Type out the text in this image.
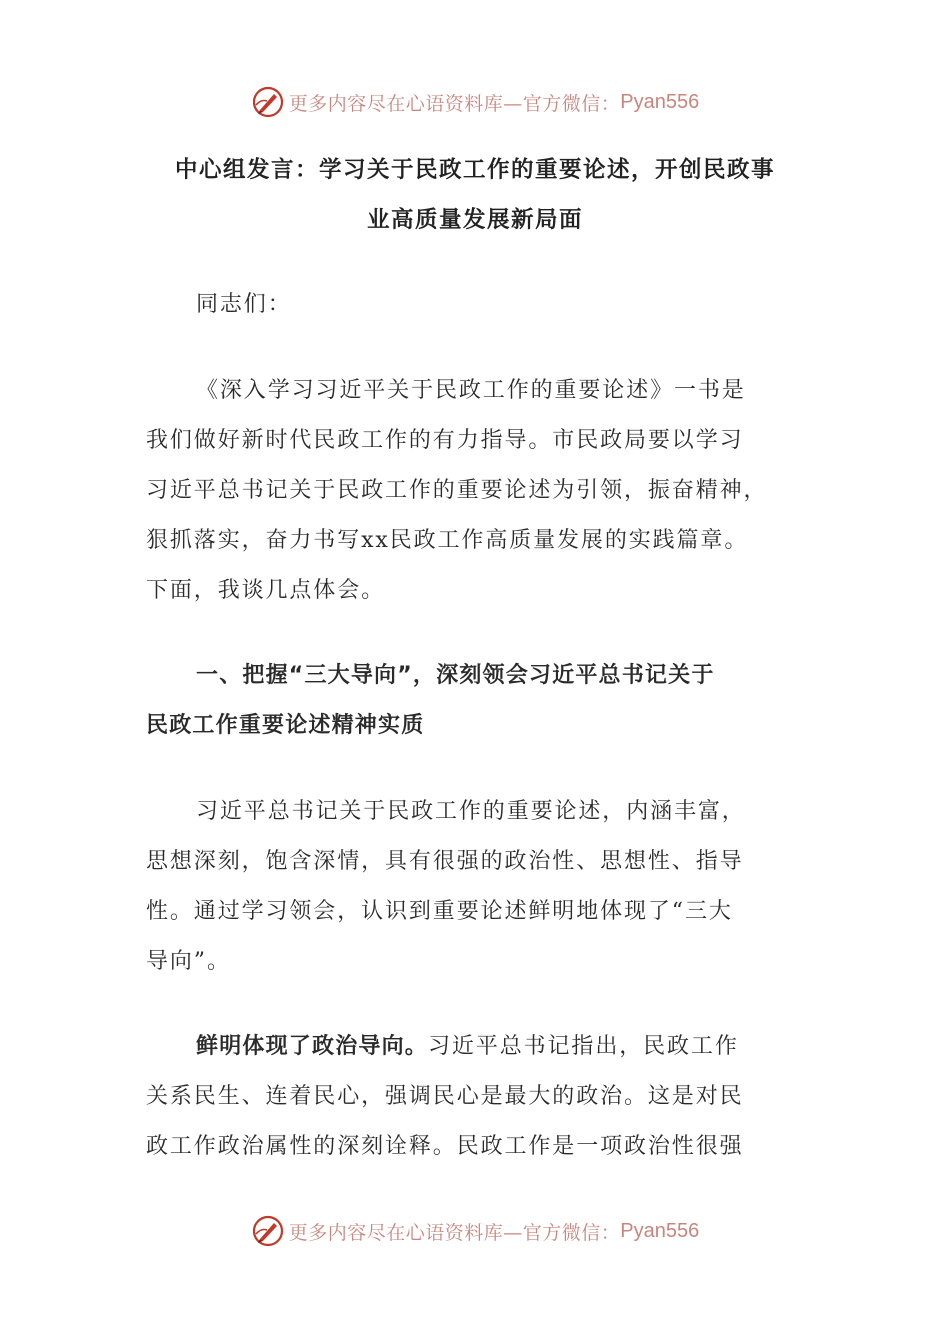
更多内容尽在心语资料库—官方微信： Pyan556
中心组发言：学习关于民政工作的重要论述，开创民政事
业高质量发展新局面
同志们：
《深入学习习近平关于民政工作的重要论述》一书是
我们做好新时代民政工作的有力指导。市民政局要以学习
习近平总书记关于民政工作的重要论述为引领，振奋精神，
狠抓落实，奋力书写xx民政工作高质量发展的实践篇章。
下面，我谈几点体会。
一、把握“三大导向”，深刻领会习近平总书记关于
民政工作重要论述精神实质
习近平总书记关于民政工作的重要论述，内涵丰富，
思想深刻，饱含深情，具有很强的政治性、思想性、指导
性。通过学习领会，认识到重要论述鲜明地体现了“三大
导向”。
鲜明体现了政治导向。习近平总书记指出，民政工作
关系民生、连着民心，强调民心是最大的政治。这是对民
政工作政治属性的深刻诠释。民政工作是一项政治性很强
更多内容尽在心语资料库—官方微信： Pyan556
